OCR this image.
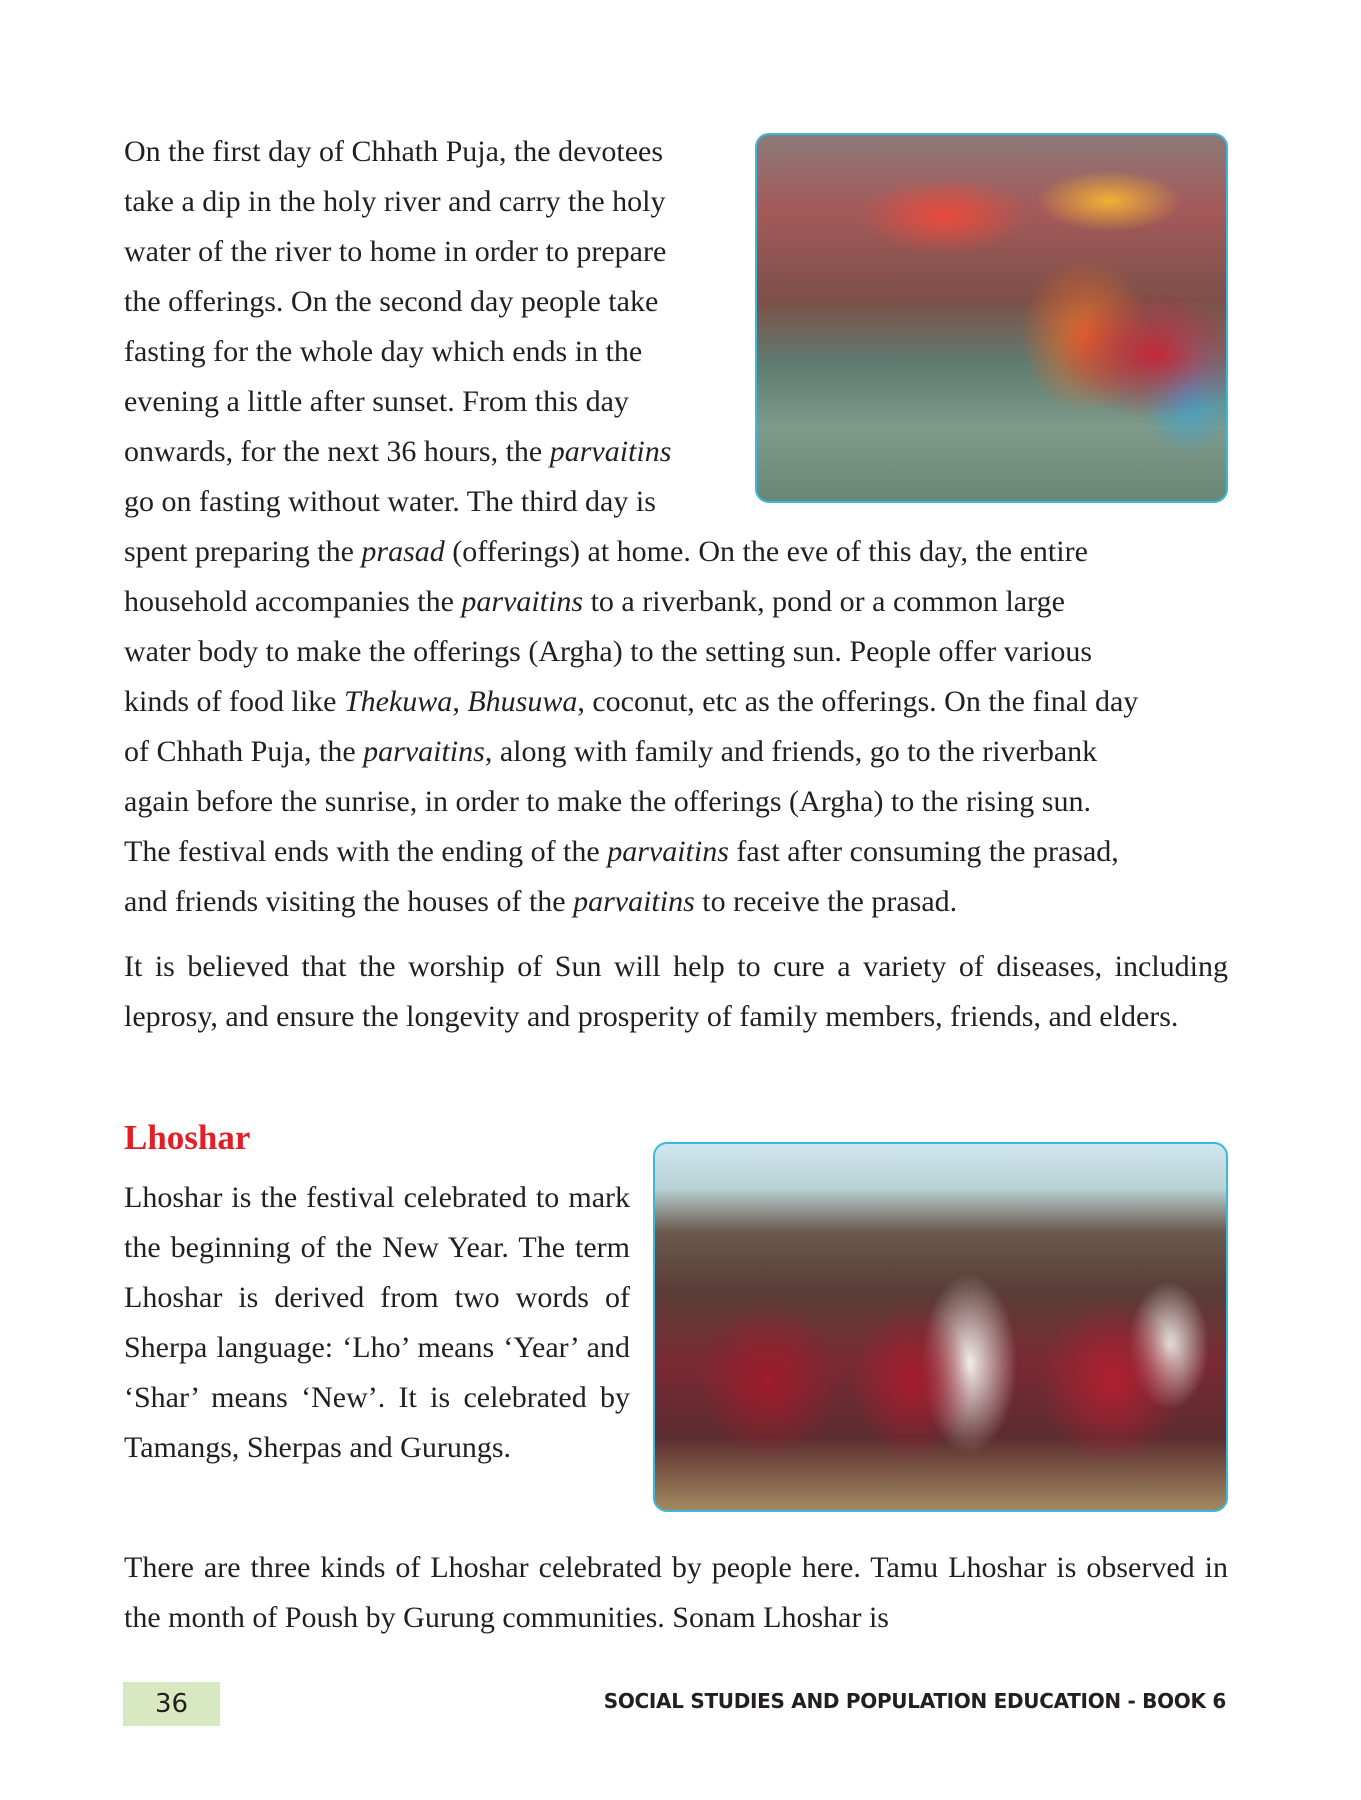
On the first day of Chhath Puja, the devotees
take a dip in the holy river and carry the holy
water of the river to home in order to prepare
the offerings. On the second day people take
fasting for the whole day which ends in the
evening a little after sunset. From this day
onwards, for the next 36 hours, the parvaitins
go on fasting without water. The third day is
spent preparing the prasad (offerings) at home. On the eve of this day, the entire
household accompanies the parvaitins to a riverbank, pond or a common large
water body to make the offerings (Argha) to the setting sun. People offer various
kinds of food like Thekuwa, Bhusuwa, coconut, etc as the offerings. On the final day
of Chhath Puja, the parvaitins, along with family and friends, go to the riverbank
again before the sunrise, in order to make the offerings (Argha) to the rising sun.
The festival ends with the ending of the parvaitins fast after consuming the prasad,
and friends visiting the houses of the parvaitins to receive the prasad.

It is believed that the worship of Sun will help to cure a variety of diseases, including leprosy, and ensure the longevity and prosperity of family members, friends, and elders.

Lhoshar

Lhoshar is the festival celebrated to mark the beginning of the New Year. The term Lhoshar is derived from two words of Sherpa language: ‘Lho’ means ‘Year’ and ‘Shar’ means ‘New’. It is celebrated by Tamangs, Sherpas and Gurungs.

There are three kinds of Lhoshar celebrated by people here. Tamu Lhoshar is observed in the month of Poush by Gurung communities. Sonam Lhoshar is

36	SOCIAL STUDIES AND POPULATION EDUCATION - BOOK 6
